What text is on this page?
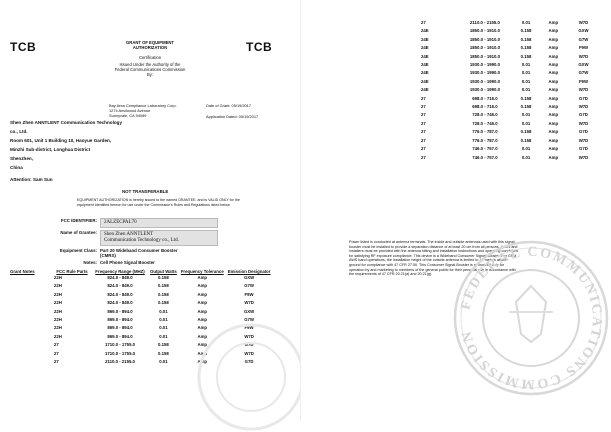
TCB	TCB
GRANT OF EQUIPMENT
AUTHORIZATION
Certification
Issued Under the Authority of the
Federal Communications Commission
By:
Bay Area Compliance Laboratory Corp.
1274 Anvilwood Avenue
Sunnyvale, CA 94089
Date of Grant: 05/19/2017
Application Dated: 05/19/2017
Shen Zhen ANNTLENT Communication Technology
co., Ltd.
Room 601, Unit 1 Building 10, Haoyue Garden,
Minzhi Sub-district, Longhua District
Shenzhen,
China
Attention: Sam Sun
NOT TRANSFERABLE
EQUIPMENT AUTHORIZATION is hereby issued to the named GRANTEE, and is VALID ONLY for the equipment identified hereon for use under the Commission's Rules and Regulations listed below.
FCC IDENTIFIER:	2ALZECPAL70
Name of Grantee:	Shen Zhen ANNTLENT
Communication Technology co., Ltd.
Equipment Class: Part 20 Wideband Consumer Booster
(CMRS)
Notes: Cell Phone Signal Booster
Grant Notes	FCC Rule Parts	Frequency Range (MHZ)	Output Watts	Frequency Tolerance	Emission Designator
	22H	824.0 - 849.0	0.158	Amp	GXW
	22H	824.0 - 849.0	0.158	Amp	G7W
	22H	824.0 - 849.0	0.158	Amp	F9W
	22H	824.0 - 849.0	0.158	Amp	W7D
	22H	869.0 - 894.0	0.01	Amp	GXW
	22H	869.0 - 894.0	0.01	Amp	G7W
	22H	869.0 - 894.0	0.01	Amp	F9W
	22H	869.0 - 894.0	0.01	Amp	W7D
	27	1710.0 - 1755.0	0.158	Amp	G7D
	27	1710.0 - 1755.0	0.158	Amp	W7D
	27	2110.0 - 2155.0	0.01	Amp	G7D
	27	2110.0 - 2155.0	0.01	Amp	W7D
	24E	1850.0 - 1910.0	0.158	Amp	GXW
	24E	1850.0 - 1910.0	0.158	Amp	G7W
	24E	1850.0 - 1910.0	0.158	Amp	F9W
	24E	1850.0 - 1910.0	0.158	Amp	W7D
	24E	1930.0 - 1990.0	0.01	Amp	GXW
	24E	1930.0 - 1990.0	0.01	Amp	G7W
	24E	1930.0 - 1990.0	0.01	Amp	F9W
	24E	1930.0 - 1990.0	0.01	Amp	W7D
	27	698.0 - 716.0	0.158	Amp	G7D
	27	698.0 - 716.0	0.158	Amp	W7D
	27	728.0 - 746.0	0.01	Amp	G7D
	27	728.0 - 746.0	0.01	Amp	W7D
	27	776.0 - 787.0	0.158	Amp	G7D
	27	776.0 - 787.0	0.158	Amp	W7D
	27	746.0 - 757.0	0.01	Amp	G7D
	27	746.0 - 757.0	0.01	Amp	W7D
Power listed is conducted at antenna terminals. The inside and outside antennas used with this signal booster must be installed to provide a separation distance of at least 20 cm from all persons. Users and installers must be provided with the antenna kitting and installation instructions and operating conditions for satisfying RF exposure compliance. This device is a Wideband Consumer Signal Booster. For GSM AWS band operations, the installation height of the outside antenna is limited to 10 meters above ground for compliance with 47 CFR 27.50. This Consumer Signal Booster is authorized only for operation by and marketing to members of the general public for their personal use in accordance with the requirements of 47 CFR 20.21(a) and 20.21(g).
FEDERAL COMMUNICATIONS COMMISSION
